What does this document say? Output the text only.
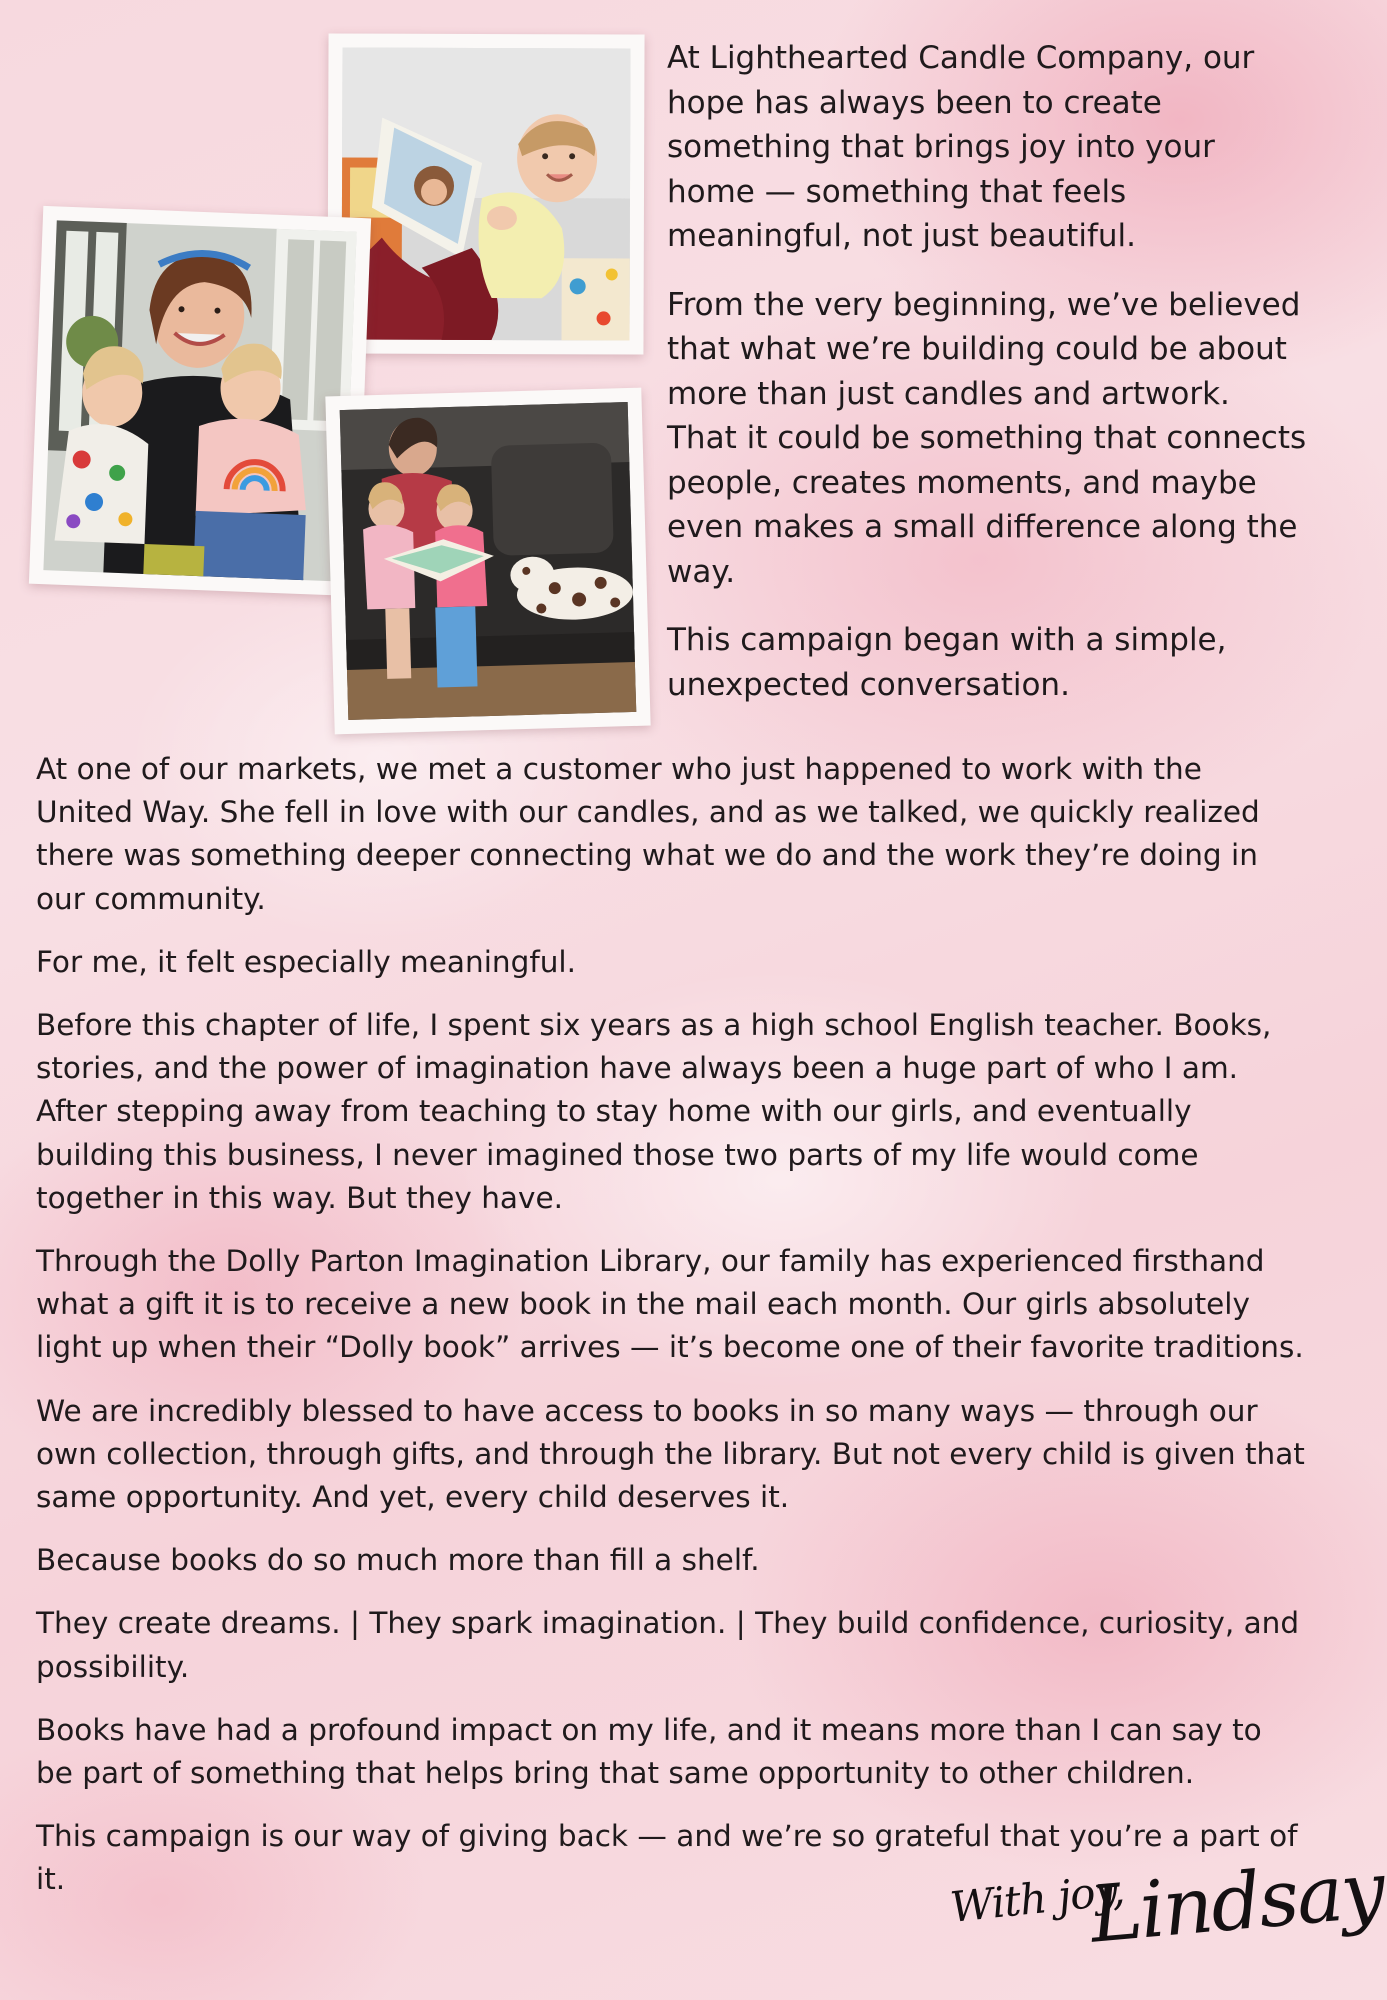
At Lighthearted Candle Company, our hope has always been to create something that brings joy into your home — something that feels meaningful, not just beautiful.

From the very beginning, we’ve believed that what we’re building could be about more than just candles and artwork. That it could be something that connects people, creates moments, and maybe even makes a small difference along the way.

This campaign began with a simple, unexpected conversation.

At one of our markets, we met a customer who just happened to work with the United Way. She fell in love with our candles, and as we talked, we quickly realized there was something deeper connecting what we do and the work they’re doing in our community.

For me, it felt especially meaningful.

Before this chapter of life, I spent six years as a high school English teacher. Books, stories, and the power of imagination have always been a huge part of who I am. After stepping away from teaching to stay home with our girls, and eventually building this business, I never imagined those two parts of my life would come together in this way. But they have.

Through the Dolly Parton Imagination Library, our family has experienced firsthand what a gift it is to receive a new book in the mail each month. Our girls absolutely light up when their “Dolly book” arrives — it’s become one of their favorite traditions.

We are incredibly blessed to have access to books in so many ways — through our own collection, through gifts, and through the library. But not every child is given that same opportunity. And yet, every child deserves it.

Because books do so much more than fill a shelf.

They create dreams. | They spark imagination. | They build confidence, curiosity, and possibility.

Books have had a profound impact on my life, and it means more than I can say to be part of something that helps bring that same opportunity to other children.

This campaign is our way of giving back — and we’re so grateful that you’re a part of it.	With joy,
Lindsay
